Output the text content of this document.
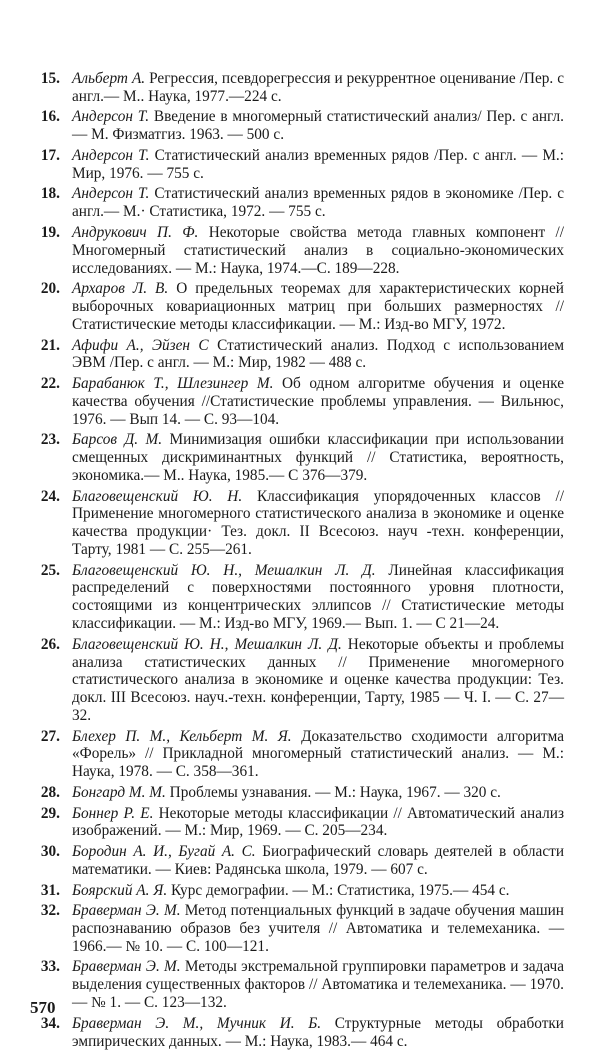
15. Альберт А. Регрессия, псевдорегрессия и рекуррентное оценивание /Пер. с англ.— М.. Наука, 1977.—224 с.
16. Андерсон Т. Введение в многомерный статистический анализ/ Пер. с англ. — М. Физматгиз. 1963. — 500 с.
17. Андерсон Т. Статистический анализ временных рядов /Пер. с англ. — М.: Мир, 1976. — 755 с.
18. Андерсон Т. Статистический анализ временных рядов в экономике /Пер. с англ.— М.· Статистика, 1972. — 755 с.
19. Андрукович П. Ф. Некоторые свойства метода главных компонент // Многомерный статистический анализ в социально-экономических исследованиях. — М.: Наука, 1974.—С. 189—228.
20. Архаров Л. В. О предельных теоремах для характеристических корней выборочных ковариационных матриц при больших размерностях // Статистические методы классификации. — М.: Изд-во МГУ, 1972.
21. Афифи А., Эйзен С Статистический анализ. Подход с использованием ЭВМ /Пер. с англ. — М.: Мир, 1982 — 488 с.
22. Барабанюк Т., Шлезингер М. Об одном алгоритме обучения и оценке качества обучения //Статистические проблемы управления. — Вильнюс, 1976. — Вып 14. — С. 93—104.
23. Барсов Д. М. Минимизация ошибки классификации при использовании смещенных дискриминантных функций // Статистика, вероятность, экономика.— М.. Наука, 1985.— С 376—379.
24. Благовещенский Ю. Н. Классификация упорядоченных классов // Применение многомерного статистического анализа в экономике и оценке качества продукции· Тез. докл. II Всесоюз. науч -техн. конференции, Тарту, 1981 — С. 255—261.
25. Благовещенский Ю. Н., Мешалкин Л. Д. Линейная классификация распределений с поверхностями постоянного уровня плотности, состоящими из концентрических эллипсов // Статистические методы классификации. — М.: Изд-во МГУ, 1969.— Вып. 1. — С 21—24.
26. Благовещенский Ю. Н., Мешалкин Л. Д. Некоторые объекты и проблемы анализа статистических данных // Применение многомерного статистического анализа в экономике и оценке качества продукции: Тез. докл. III Всесоюз. науч.-техн. конференции, Тарту, 1985 — Ч. I. — С. 27—32.
27. Блехер П. М., Кельберт М. Я. Доказательство сходимости алгоритма «Форель» // Прикладной многомерный статистический анализ. — М.: Наука, 1978. — С. 358—361.
28. Бонгард М. М. Проблемы узнавания. — М.: Наука, 1967. — 320 с.
29. Боннер Р. Е. Некоторые методы классификации // Автоматический анализ изображений. — М.: Мир, 1969. — С. 205—234.
30. Бородин А. И., Бугай А. С. Биографический словарь деятелей в области математики. — Киев: Радянська школа, 1979. — 607 с.
31. Боярский А. Я. Курс демографии. — М.: Статистика, 1975.— 454 с.
32. Браверман Э. М. Метод потенциальных функций в задаче обучения машин распознаванию образов без учителя // Автоматика и телемеханика. — 1966.— № 10. — С. 100—121.
33. Браверман Э. М. Методы экстремальной группировки параметров и задача выделения существенных факторов // Автоматика и телемеханика. — 1970. — № 1. — С. 123—132.
34. Браверман Э. М., Мучник И. Б. Структурные методы обработки эмпирических данных. — М.: Наука, 1983.— 464 с.
570
